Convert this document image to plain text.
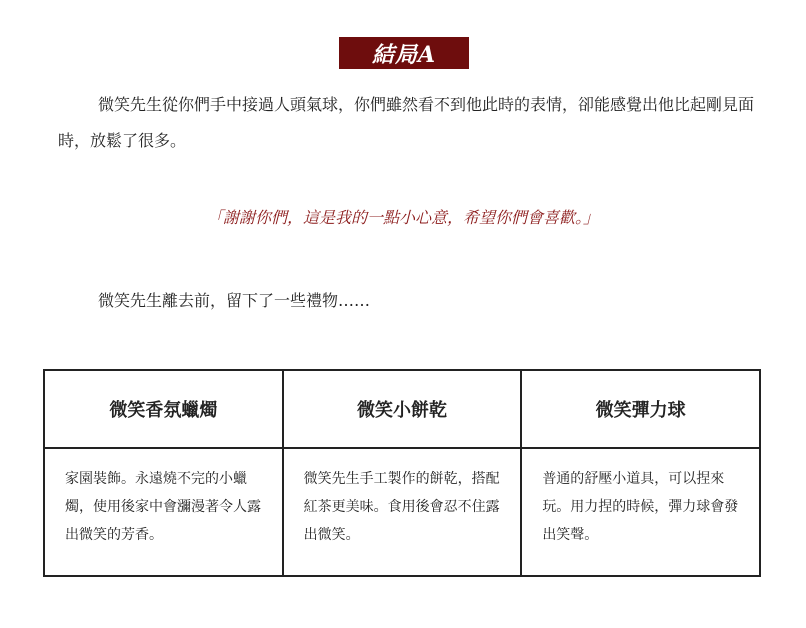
結局A

微笑先生從你們手中接過人頭氣球，你們雖然看不到他此時的表情，卻能感覺出他比起剛見面時，放鬆了很多。

「謝謝你們，這是我的一點小心意，希望你們會喜歡。」

微笑先生離去前，留下了一些禮物……

微笑香氛蠟燭	微笑小餅乾	微笑彈力球
家園裝飾。永遠燒不完的小蠟燭，使用後家中會瀰漫著令人露出微笑的芳香。	微笑先生手工製作的餅乾，搭配紅茶更美味。食用後會忍不住露出微笑。	普通的舒壓小道具，可以捏來玩。用力捏的時候，彈力球會發出笑聲。
